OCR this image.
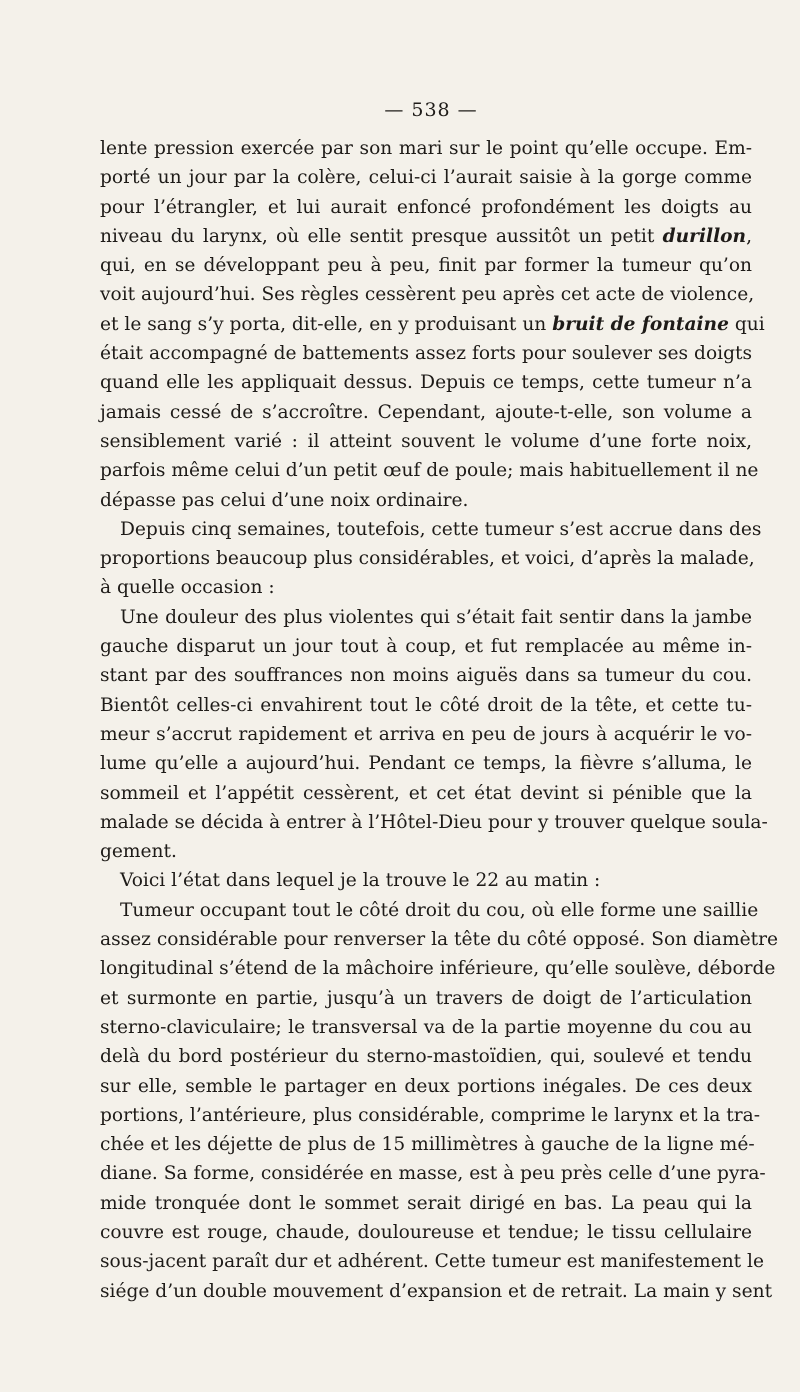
— 538 —
lente pression exercée par son mari sur le point qu’elle occupe. Em-
porté un jour par la colère, celui-ci l’aurait saisie à la gorge comme
pour l’étrangler, et lui aurait enfoncé profondément les doigts au
niveau du larynx, où elle sentit presque aussitôt un petit durillon,
qui, en se développant peu à peu, finit par former la tumeur qu’on
voit aujourd’hui. Ses règles cessèrent peu après cet acte de violence,
et le sang s’y porta, dit-elle, en y produisant un bruit de fontaine qui
était accompagné de battements assez forts pour soulever ses doigts
quand elle les appliquait dessus. Depuis ce temps, cette tumeur n’a
jamais cessé de s’accroître. Cependant, ajoute-t-elle, son volume a
sensiblement varié : il atteint souvent le volume d’une forte noix,
parfois même celui d’un petit œuf de poule; mais habituellement il ne
dépasse pas celui d’une noix ordinaire.
Depuis cinq semaines, toutefois, cette tumeur s’est accrue dans des
proportions beaucoup plus considérables, et voici, d’après la malade,
à quelle occasion :
Une douleur des plus violentes qui s’était fait sentir dans la jambe
gauche disparut un jour tout à coup, et fut remplacée au même in-
stant par des souffrances non moins aiguës dans sa tumeur du cou.
Bientôt celles-ci envahirent tout le côté droit de la tête, et cette tu-
meur s’accrut rapidement et arriva en peu de jours à acquérir le vo-
lume qu’elle a aujourd’hui. Pendant ce temps, la fièvre s’alluma, le
sommeil et l’appétit cessèrent, et cet état devint si pénible que la
malade se décida à entrer à l’Hôtel-Dieu pour y trouver quelque soula-
gement.
Voici l’état dans lequel je la trouve le 22 au matin :
Tumeur occupant tout le côté droit du cou, où elle forme une saillie
assez considérable pour renverser la tête du côté opposé. Son diamètre
longitudinal s’étend de la mâchoire inférieure, qu’elle soulève, déborde
et surmonte en partie, jusqu’à un travers de doigt de l’articulation
sterno-claviculaire; le transversal va de la partie moyenne du cou au
delà du bord postérieur du sterno-mastoïdien, qui, soulevé et tendu
sur elle, semble le partager en deux portions inégales. De ces deux
portions, l’antérieure, plus considérable, comprime le larynx et la tra-
chée et les déjette de plus de 15 millimètres à gauche de la ligne mé-
diane. Sa forme, considérée en masse, est à peu près celle d’une pyra-
mide tronquée dont le sommet serait dirigé en bas. La peau qui la
couvre est rouge, chaude, douloureuse et tendue; le tissu cellulaire
sous-jacent paraît dur et adhérent. Cette tumeur est manifestement le
siége d’un double mouvement d’expansion et de retrait. La main y sent
